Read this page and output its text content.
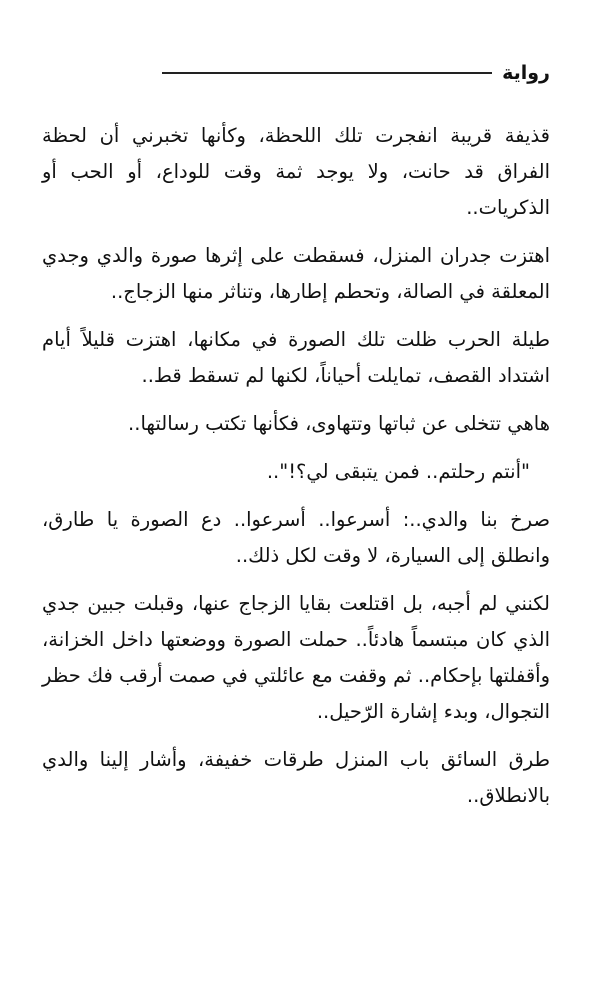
رواية

قذيفة قريبة انفجرت تلك اللحظة، وكأنها تخبرني أن لحظة الفراق قد حانت، ولا يوجد ثمة وقت للوداع، أو الحب أو الذكريات..

اهتزت جدران المنزل، فسقطت على إثرها صورة والدي وجدي المعلقة في الصالة، وتحطم إطارها، وتناثر منها الزجاج..

طيلة الحرب ظلت تلك الصورة في مكانها، اهتزت قليلاً أيام اشتداد القصف، تمايلت أحياناً، لكنها لم تسقط قط..

هاهي تتخلى عن ثباتها وتتهاوى، فكأنها تكتب رسالتها..

"أنتم رحلتم.. فمن يتبقى لي؟!"..

صرخ بنا والدي..: أسرعوا.. أسرعوا.. دع الصورة يا طارق، وانطلق إلى السيارة، لا وقت لكل ذلك..

لكنني لم أجبه، بل اقتلعت بقايا الزجاج عنها، وقبلت جبين جدي الذي كان مبتسماً هادئاً.. حملت الصورة ووضعتها داخل الخزانة، وأقفلتها بإحكام.. ثم وقفت مع عائلتي في صمت أرقب فك حظر التجوال، وبدء إشارة الرّحيل..

طرق السائق باب المنزل طرقات خفيفة، وأشار إلينا والدي بالانطلاق..
